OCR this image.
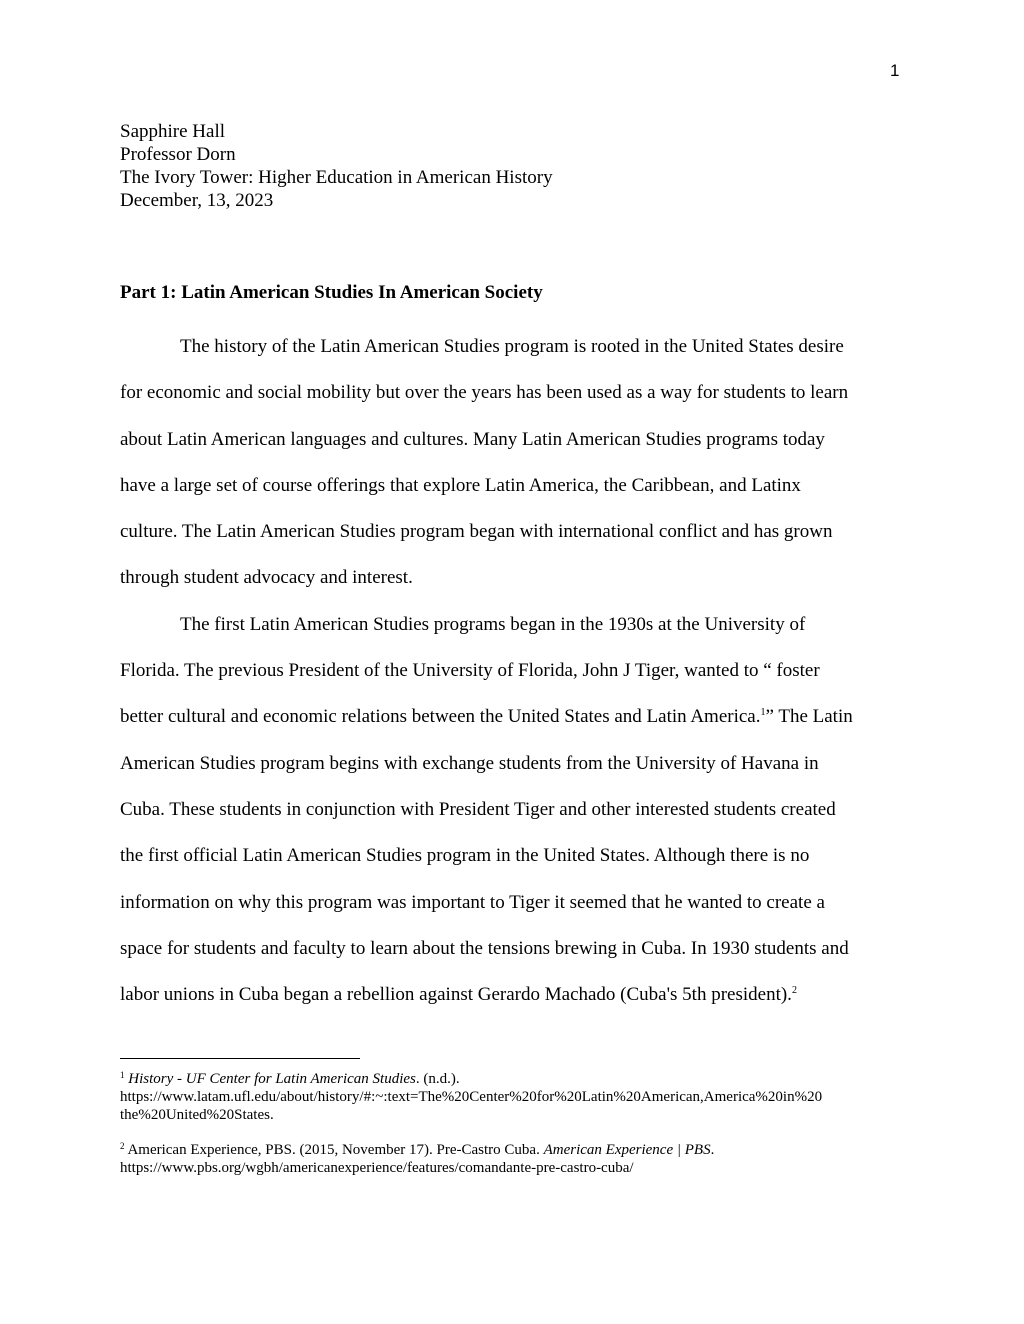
1
Sapphire Hall
Professor Dorn
The Ivory Tower: Higher Education in American History
December, 13, 2023
Part 1: Latin American Studies In American Society
The history of the Latin American Studies program is rooted in the United States desire
for economic and social mobility but over the years has been used as a way for students to learn
about Latin American languages and cultures. Many Latin American Studies programs today
have a large set of course offerings that explore Latin America, the Caribbean, and Latinx
culture. The Latin American Studies program began with international conflict and has grown
through student advocacy and interest.
The first Latin American Studies programs began in the 1930s at the University of
Florida. The previous President of the University of Florida, John J Tiger, wanted to “ foster
better cultural and economic relations between the United States and Latin America.$^1$” The Latin
American Studies program begins with exchange students from the University of Havana in
Cuba. These students in conjunction with President Tiger and other interested students created
the first official Latin American Studies program in the United States. Although there is no
information on why this program was important to Tiger it seemed that he wanted to create a
space for students and faculty to learn about the tensions brewing in Cuba. In 1930 students and
labor unions in Cuba began a rebellion against Gerardo Machado (Cuba's 5th president).$^2$
$^1$ History - UF Center for Latin American Studies. (n.d.).
https://www.latam.ufl.edu/about/history/#:~:text=The%20Center%20for%20Latin%20American,America%20in%20
the%20United%20States.
$^2$ American Experience, PBS. (2015, November 17). Pre-Castro Cuba. American Experience | PBS.
https://www.pbs.org/wgbh/americanexperience/features/comandante-pre-castro-cuba/
